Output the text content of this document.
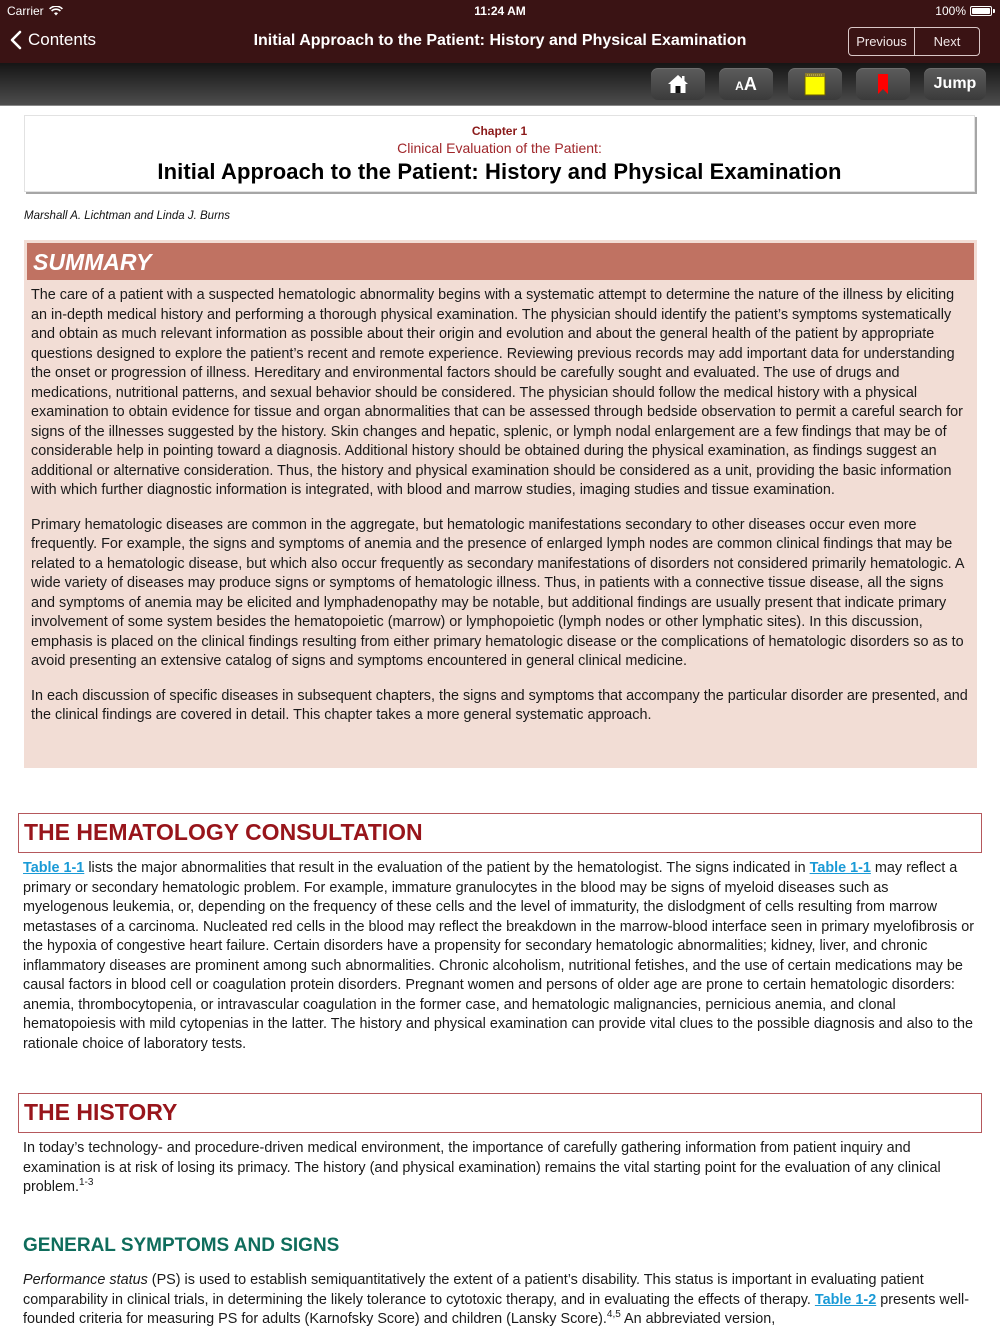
Carrier	11:24 AM	100%
Contents	Initial Approach to the Patient: History and Physical Examination	Previous	Next
AA	Jump
Chapter 1
Clinical Evaluation of the Patient:
Initial Approach to the Patient: History and Physical Examination
Marshall A. Lichtman and Linda J. Burns
SUMMARY

The care of a patient with a suspected hematologic abnormality begins with a systematic attempt to determine the nature of the illness by eliciting an in-depth medical history and performing a thorough physical examination. The physician should identify the patient’s symptoms systematically and obtain as much relevant information as possible about their origin and evolution and about the general health of the patient by appropriate questions designed to explore the patient’s recent and remote experience. Reviewing previous records may add important data for understanding the onset or progression of illness. Hereditary and environmental factors should be carefully sought and evaluated. The use of drugs and medications, nutritional patterns, and sexual behavior should be considered. The physician should follow the medical history with a physical examination to obtain evidence for tissue and organ abnormalities that can be assessed through bedside observation to permit a careful search for signs of the illnesses suggested by the history. Skin changes and hepatic, splenic, or lymph nodal enlargement are a few findings that may be of considerable help in pointing toward a diagnosis. Additional history should be obtained during the physical examination, as findings suggest an additional or alternative consideration. Thus, the history and physical examination should be considered as a unit, providing the basic information with which further diagnostic information is integrated, with blood and marrow studies, imaging studies and tissue examination.

Primary hematologic diseases are common in the aggregate, but hematologic manifestations secondary to other diseases occur even more frequently. For example, the signs and symptoms of anemia and the presence of enlarged lymph nodes are common clinical findings that may be related to a hematologic disease, but which also occur frequently as secondary manifestations of disorders not considered primarily hematologic. A wide variety of diseases may produce signs or symptoms of hematologic illness. Thus, in patients with a connective tissue disease, all the signs and symptoms of anemia may be elicited and lymphadenopathy may be notable, but additional findings are usually present that indicate primary involvement of some system besides the hematopoietic (marrow) or lymphopoietic (lymph nodes or other lymphatic sites). In this discussion, emphasis is placed on the clinical findings resulting from either primary hematologic disease or the complications of hematologic disorders so as to avoid presenting an extensive catalog of signs and symptoms encountered in general clinical medicine.

In each discussion of specific diseases in subsequent chapters, the signs and symptoms that accompany the particular disorder are presented, and the clinical findings are covered in detail. This chapter takes a more general systematic approach.

THE HEMATOLOGY CONSULTATION
Table 1-1 lists the major abnormalities that result in the evaluation of the patient by the hematologist. The signs indicated in Table 1-1 may reflect a primary or secondary hematologic problem. For example, immature granulocytes in the blood may be signs of myeloid diseases such as myelogenous leukemia, or, depending on the frequency of these cells and the level of immaturity, the dislodgment of cells resulting from marrow metastases of a carcinoma. Nucleated red cells in the blood may reflect the breakdown in the marrow-blood interface seen in primary myelofibrosis or the hypoxia of congestive heart failure. Certain disorders have a propensity for secondary hematologic abnormalities; kidney, liver, and chronic inflammatory diseases are prominent among such abnormalities. Chronic alcoholism, nutritional fetishes, and the use of certain medications may be causal factors in blood cell or coagulation protein disorders. Pregnant women and persons of older age are prone to certain hematologic disorders: anemia, thrombocytopenia, or intravascular coagulation in the former case, and hematologic malignancies, pernicious anemia, and clonal hematopoiesis with mild cytopenias in the latter. The history and physical examination can provide vital clues to the possible diagnosis and also to the rationale choice of laboratory tests.
THE HISTORY
In today’s technology- and procedure-driven medical environment, the importance of carefully gathering information from patient inquiry and examination is at risk of losing its primacy. The history (and physical examination) remains the vital starting point for the evaluation of any clinical problem.$^{1-3}$
GENERAL SYMPTOMS AND SIGNS
Performance status (PS) is used to establish semiquantitatively the extent of a patient’s disability. This status is important in evaluating patient comparability in clinical trials, in determining the likely tolerance to cytotoxic therapy, and in evaluating the effects of therapy. Table 1-2 presents well-founded criteria for measuring PS for adults (Karnofsky Score) and children (Lansky Score).$^{4,5}$ An abbreviated version,
